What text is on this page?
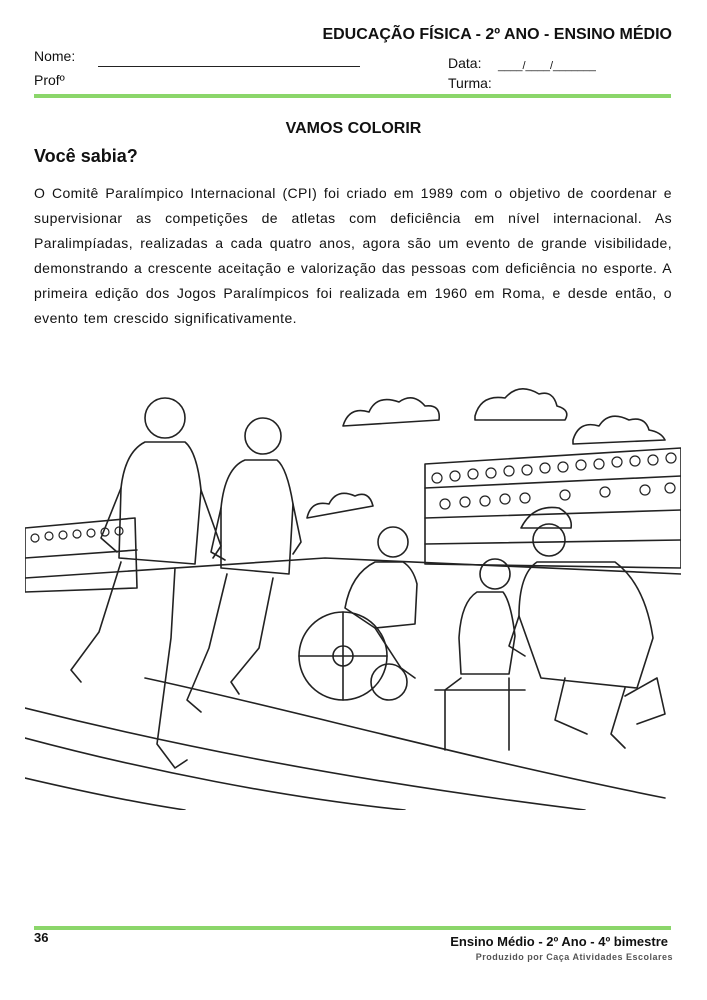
EDUCAÇÃO FÍSICA - 2º ANO - ENSINO MÉDIO
Nome:
Profº
Data: ____/____/_______
Turma:
VAMOS COLORIR
Você sabia?
O Comitê Paralímpico Internacional (CPI) foi criado em 1989 com o objetivo de coordenar e supervisionar as competições de atletas com deficiência em nível internacional. As Paralimpíadas, realizadas a cada quatro anos, agora são um evento de grande visibilidade, demonstrando a crescente aceitação e valorização das pessoas com deficiência no esporte. A primeira edição dos Jogos Paralímpicos foi realizada em 1960 em Roma, e desde então, o evento tem crescido significativamente.
36	Ensino Médio - 2º Ano - 4º bimestre
Produzido por Caça Atividades Escolares
